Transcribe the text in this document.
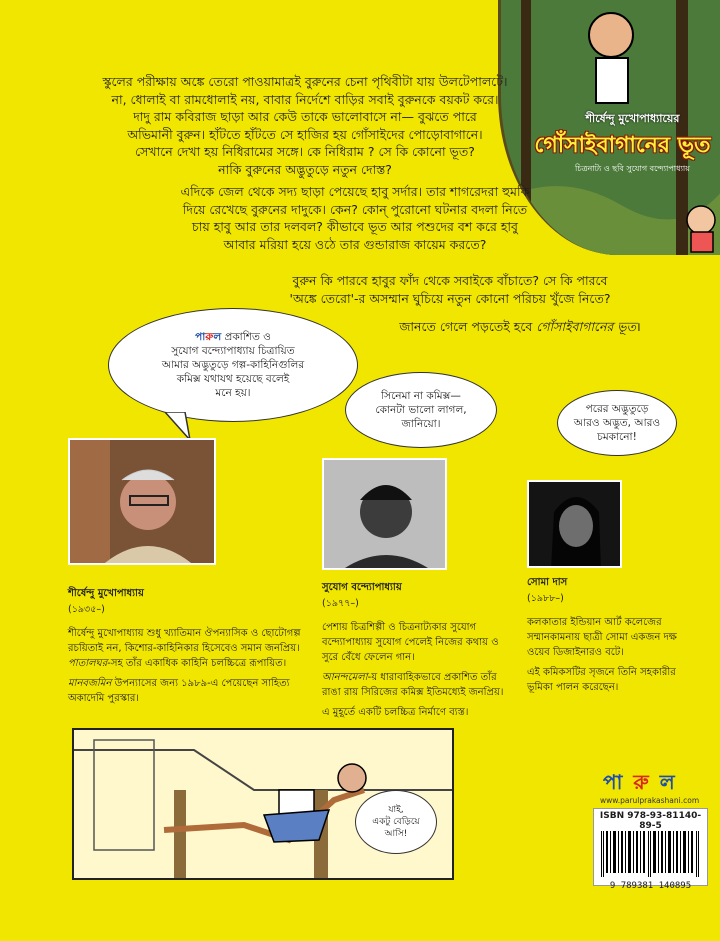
শীর্ষেন্দু মুখোপাধ্যায়ের
গোঁসাইবাগানের ভূত
চিত্রনাট্য ও ছবি সুযোগ বন্দ্যোপাধ্যায়

স্কুলের পরীক্ষায় অঙ্কে তেরো পাওয়ামাত্রই বুরুনের চেনা পৃথিবীটা যায় উলটেপালটে।

না, ধোলাই বা রামধোলাই নয়, বাবার নির্দেশে বাড়ির সবাই বুরুনকে বয়কট করে।

দাদু রাম কবিরাজ ছাড়া আর কেউ তাকে ভালোবাসে না— বুঝতে পারে

অভিমানী বুরুন। হাঁটতে হাঁটতে সে হাজির হয় গোঁসাইদের পোড়োবাগানে।

সেখানে দেখা হয় নিধিরামের সঙ্গে। কে নিধিরাম ? সে কি কোনো ভূত?

নাকি বুরুনের অদ্ভুতুড়ে নতুন দোস্ত?

এদিকে জেল থেকে সদ্য ছাড়া পেয়েছে হাবু সর্দার। তার শাগরেদরা হুমকি

দিয়ে রেখেছে বুরুনের দাদুকে। কেন? কোন্ পুরোনো ঘটনার বদলা নিতে

চায় হাবু আর তার দলবল? কীভাবে ভূত আর পশুদের বশ করে হাবু

আবার মরিয়া হয়ে ওঠে তার গুন্ডারাজ কায়েম করতে?

বুরুন কি পারবে হাবুর ফাঁদ থেকে সবাইকে বাঁচাতে? সে কি পারবে

'অঙ্কে তেরো'-র অসম্মান ঘুচিয়ে নতুন কোনো পরিচয় খুঁজে নিতে?

জানতে গেলে পড়তেই হবে গোঁসাইবাগানের ভূত।

পারুল প্রকাশিত ও
সুযোগ বন্দ্যোপাধ্যায় চিত্রায়িত
আমার অদ্ভুতুড়ে গল্প-কাহিনিগুলির
কমিক্স যথাযথ হয়েছে বলেই
মনে হয়।	সিনেমা না কমিক্স—
কোনটা ভালো লাগল,
জানিয়ো।
পরের অদ্ভুতুড়ে
আরও অদ্ভুত, আরও
চমকানো!
শীর্ষেন্দু মুখোপাধ্যায়
(১৯৩৫–)

শীর্ষেন্দু মুখোপাধ্যায় শুধু খ্যাতিমান ঔপন্যাসিক ও ছোটোগল্প রচয়িতাই নন, কিশোর-কাহিনিকার হিসেবেও সমান জনপ্রিয়। পাতালঘর-সহ তাঁর একাধিক কাহিনি চলচ্চিত্রে রূপায়িত।

মানবজমিন উপন্যাসের জন্য ১৯৮৯-এ পেয়েছেন সাহিত্য অকাদেমি পুরস্কার।

সুযোগ বন্দ্যোপাধ্যায়
(১৯৭৭–)

পেশায় চিত্রশিল্পী ও চিত্রনাট্যকার সুযোগ বন্দ্যোপাধ্যায় সুযোগ পেলেই নিজের কথায় ও সুরে বেঁধে ফেলেন গান।

আনন্দমেলা-য় ধারাবাহিকভাবে প্রকাশিত তাঁর রাঙা রায় সিরিজের কমিক্স ইতিমধ্যেই জনপ্রিয়।

এ মুহূর্তে একটি চলচ্চিত্র নির্মাণে ব্যস্ত।

সোমা দাস
(১৯৮৮–)

কলকাতার ইন্ডিয়ান আর্ট কলেজের সম্মানকামনায় ছাত্রী সোমা একজন দক্ষ ওয়েব ডিজাইনারও বটে।

এই কমিকসটির সৃজনে তিনি সহকারীর ভূমিকা পালন করেছেন।

যাই,
একটু বেড়িয়ে
আসি!
পা রু ল
www.parulprakashani.com
ISBN 978-93-81140-89-5
9 789381 140895
